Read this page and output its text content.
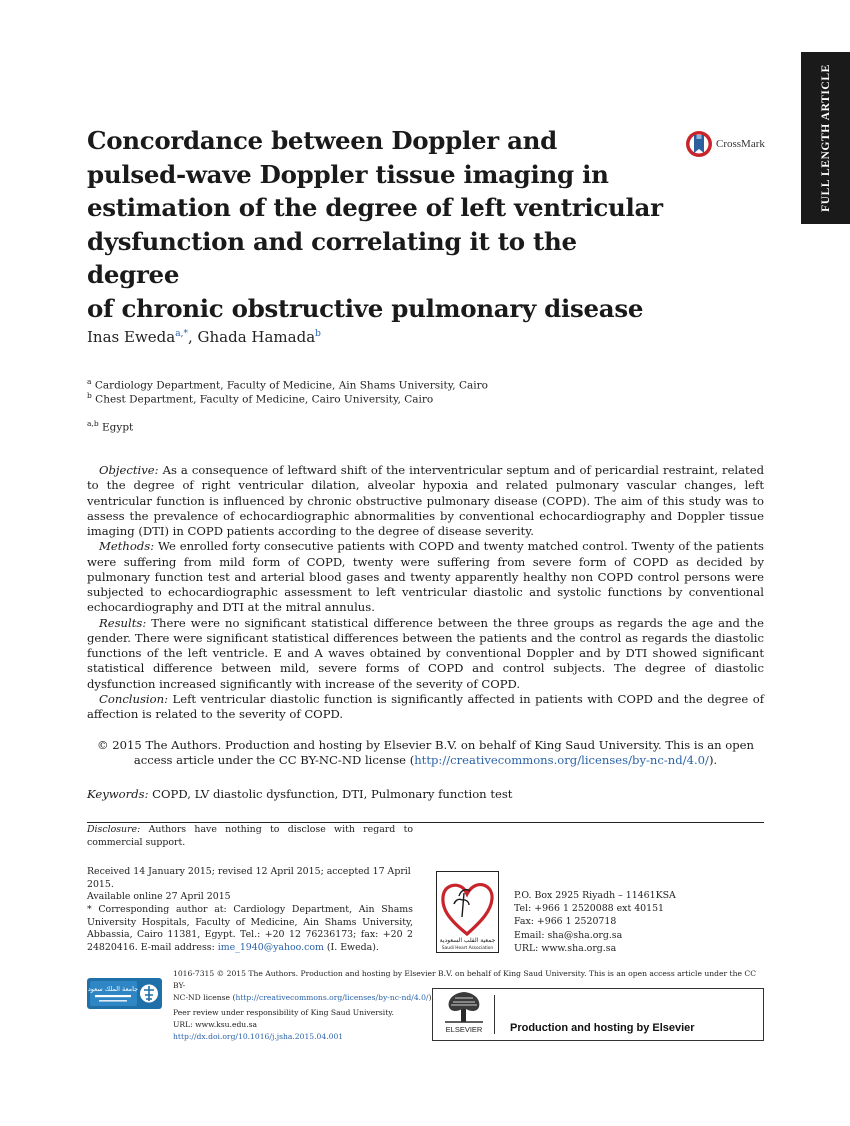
FULL LENGTH ARTICLE
Concordance between Doppler and
pulsed-wave Doppler tissue imaging in
estimation of the degree of left ventricular
dysfunction and correlating it to the degree
of chronic obstructive pulmonary disease
CrossMark
Inas Eweda$^{a,*}$, Ghada Hamada$^b$
$^a$ Cardiology Department, Faculty of Medicine, Ain Shams University, Cairo
$^b$ Chest Department, Faculty of Medicine, Cairo University, Cairo
$^{a,b}$ Egypt

Objective: As a consequence of leftward shift of the interventricular septum and of pericardial restraint, related to the degree of right ventricular dilation, alveolar hypoxia and related pulmonary vascular changes, left ventricular function is influenced by chronic obstructive pulmonary disease (COPD). The aim of this study was to assess the prevalence of echocardiographic abnormalities by conventional echocardiography and Doppler tissue imaging (DTI) in COPD patients according to the degree of disease severity.

Methods: We enrolled forty consecutive patients with COPD and twenty matched control. Twenty of the patients were suffering from mild form of COPD, twenty were suffering from severe form of COPD as decided by pulmonary function test and arterial blood gases and twenty apparently healthy non COPD control persons were subjected to echocardiographic assessment to left ventricular diastolic and systolic functions by conventional echocardiography and DTI at the mitral annulus.

Results: There were no significant statistical difference between the three groups as regards the age and the gender. There were significant statistical differences between the patients and the control as regards the diastolic functions of the left ventricle. E and A waves obtained by conventional Doppler and by DTI showed significant statistical difference between mild, severe forms of COPD and control subjects. The degree of diastolic dysfunction increased significantly with increase of the severity of COPD.

Conclusion: Left ventricular diastolic function is significantly affected in patients with COPD and the degree of affection is related to the severity of COPD.

© 2015 The Authors. Production and hosting by Elsevier B.V. on behalf of King Saud University. This is an open
access article under the CC BY-NC-ND license (http://creativecommons.org/licenses/by-nc-nd/4.0/).
Keywords: COPD, LV diastolic dysfunction, DTI, Pulmonary function test
Disclosure: Authors have nothing to disclose with regard to commercial support.
Received 14 January 2015; revised 12 April 2015; accepted 17 April 2015.
Available online 27 April 2015
* Corresponding author at: Cardiology Department, Ain Shams University Hospitals, Faculty of Medicine, Ain Shams University, Abbassia, Cairo 11381, Egypt. Tel.: +20 12 76236173; fax: +20 2 24820416. E-mail address: ime_1940@yahoo.com (I. Eweda).
جمعية القلب السعودية
Saudi Heart Association
P.O. Box 2925 Riyadh – 11461KSA
Tel: +966 1 2520088 ext 40151
Fax: +966 1 2520718
Email: sha@sha.org.sa
URL: www.sha.org.sa
جامعة الملك سعود
1016-7315 © 2015 The Authors. Production and hosting by Elsevier B.V. on behalf of King Saud University. This is an open access article under the CC BY-
NC-ND license (http://creativecommons.org/licenses/by-nc-nd/4.0/).
Peer review under responsibility of King Saud University.
URL: www.ksu.edu.sa
http://dx.doi.org/10.1016/j.jsha.2015.04.001
ELSEVIER	Production and hosting by Elsevier
